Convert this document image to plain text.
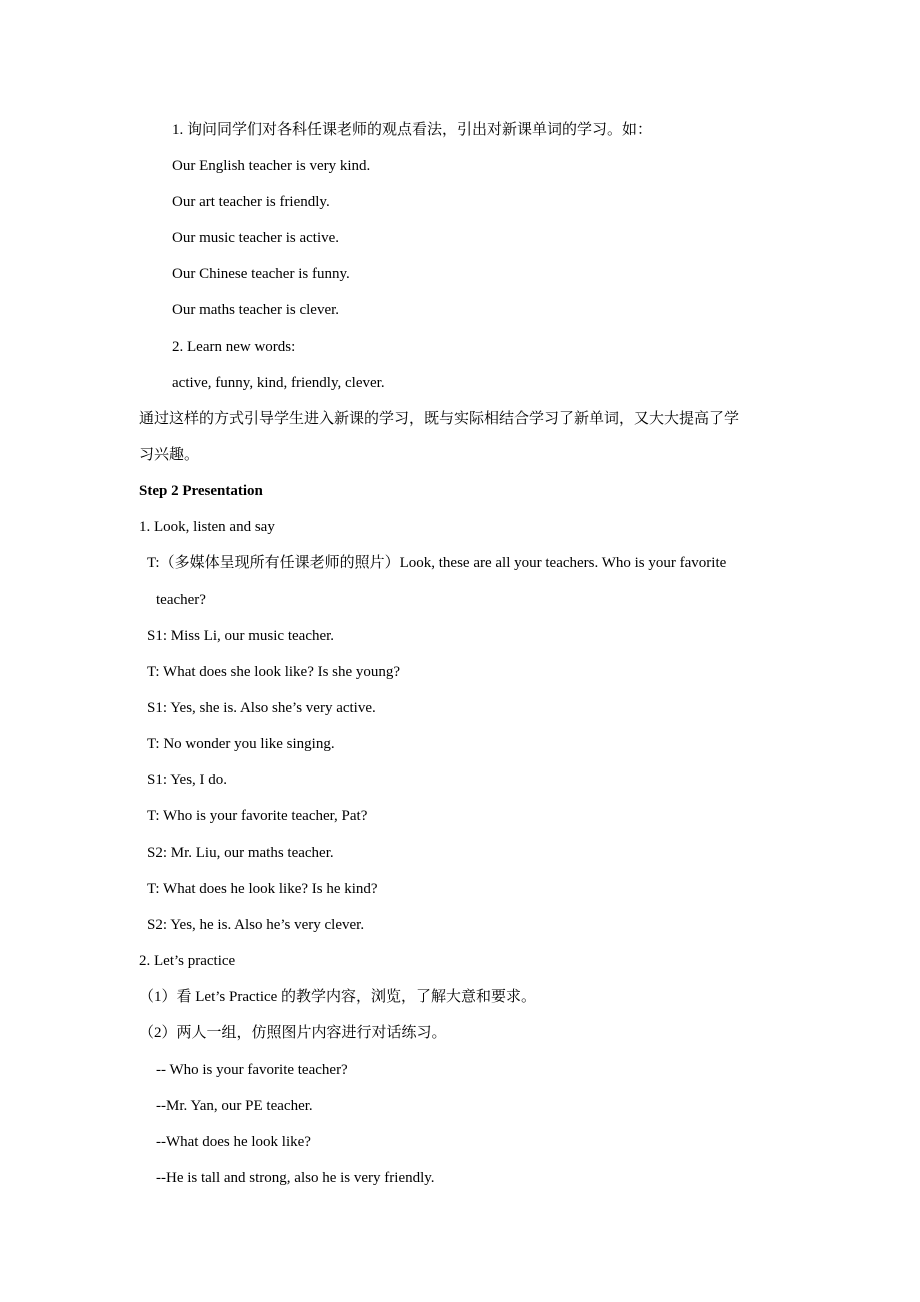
1. 询问同学们对各科任课老师的观点看法，引出对新课单词的学习。如：
Our English teacher is very kind.
Our art teacher is friendly.
Our music teacher is active.
Our Chinese teacher is funny.
Our maths teacher is clever.
2. Learn new words:
active, funny, kind, friendly, clever.
通过这样的方式引导学生进入新课的学习，既与实际相结合学习了新单词，又大大提高了学
习兴趣。
Step 2 Presentation
1. Look, listen and say
T:（多媒体呈现所有任课老师的照片）Look, these are all your teachers. Who is your favorite
teacher?
S1: Miss Li, our music teacher.
T: What does she look like? Is she young?
S1: Yes, she is. Also she’s very active.
T: No wonder you like singing.
S1: Yes, I do.
T: Who is your favorite teacher, Pat?
S2: Mr. Liu, our maths teacher.
T: What does he look like? Is he kind?
S2: Yes, he is. Also he’s very clever.
2. Let’s practice
（1）看 Let’s Practice 的教学内容，浏览，了解大意和要求。
（2）两人一组，仿照图片内容进行对话练习。
-- Who is your favorite teacher?
--Mr. Yan, our PE teacher.
--What does he look like?
--He is tall and strong, also he is very friendly.
